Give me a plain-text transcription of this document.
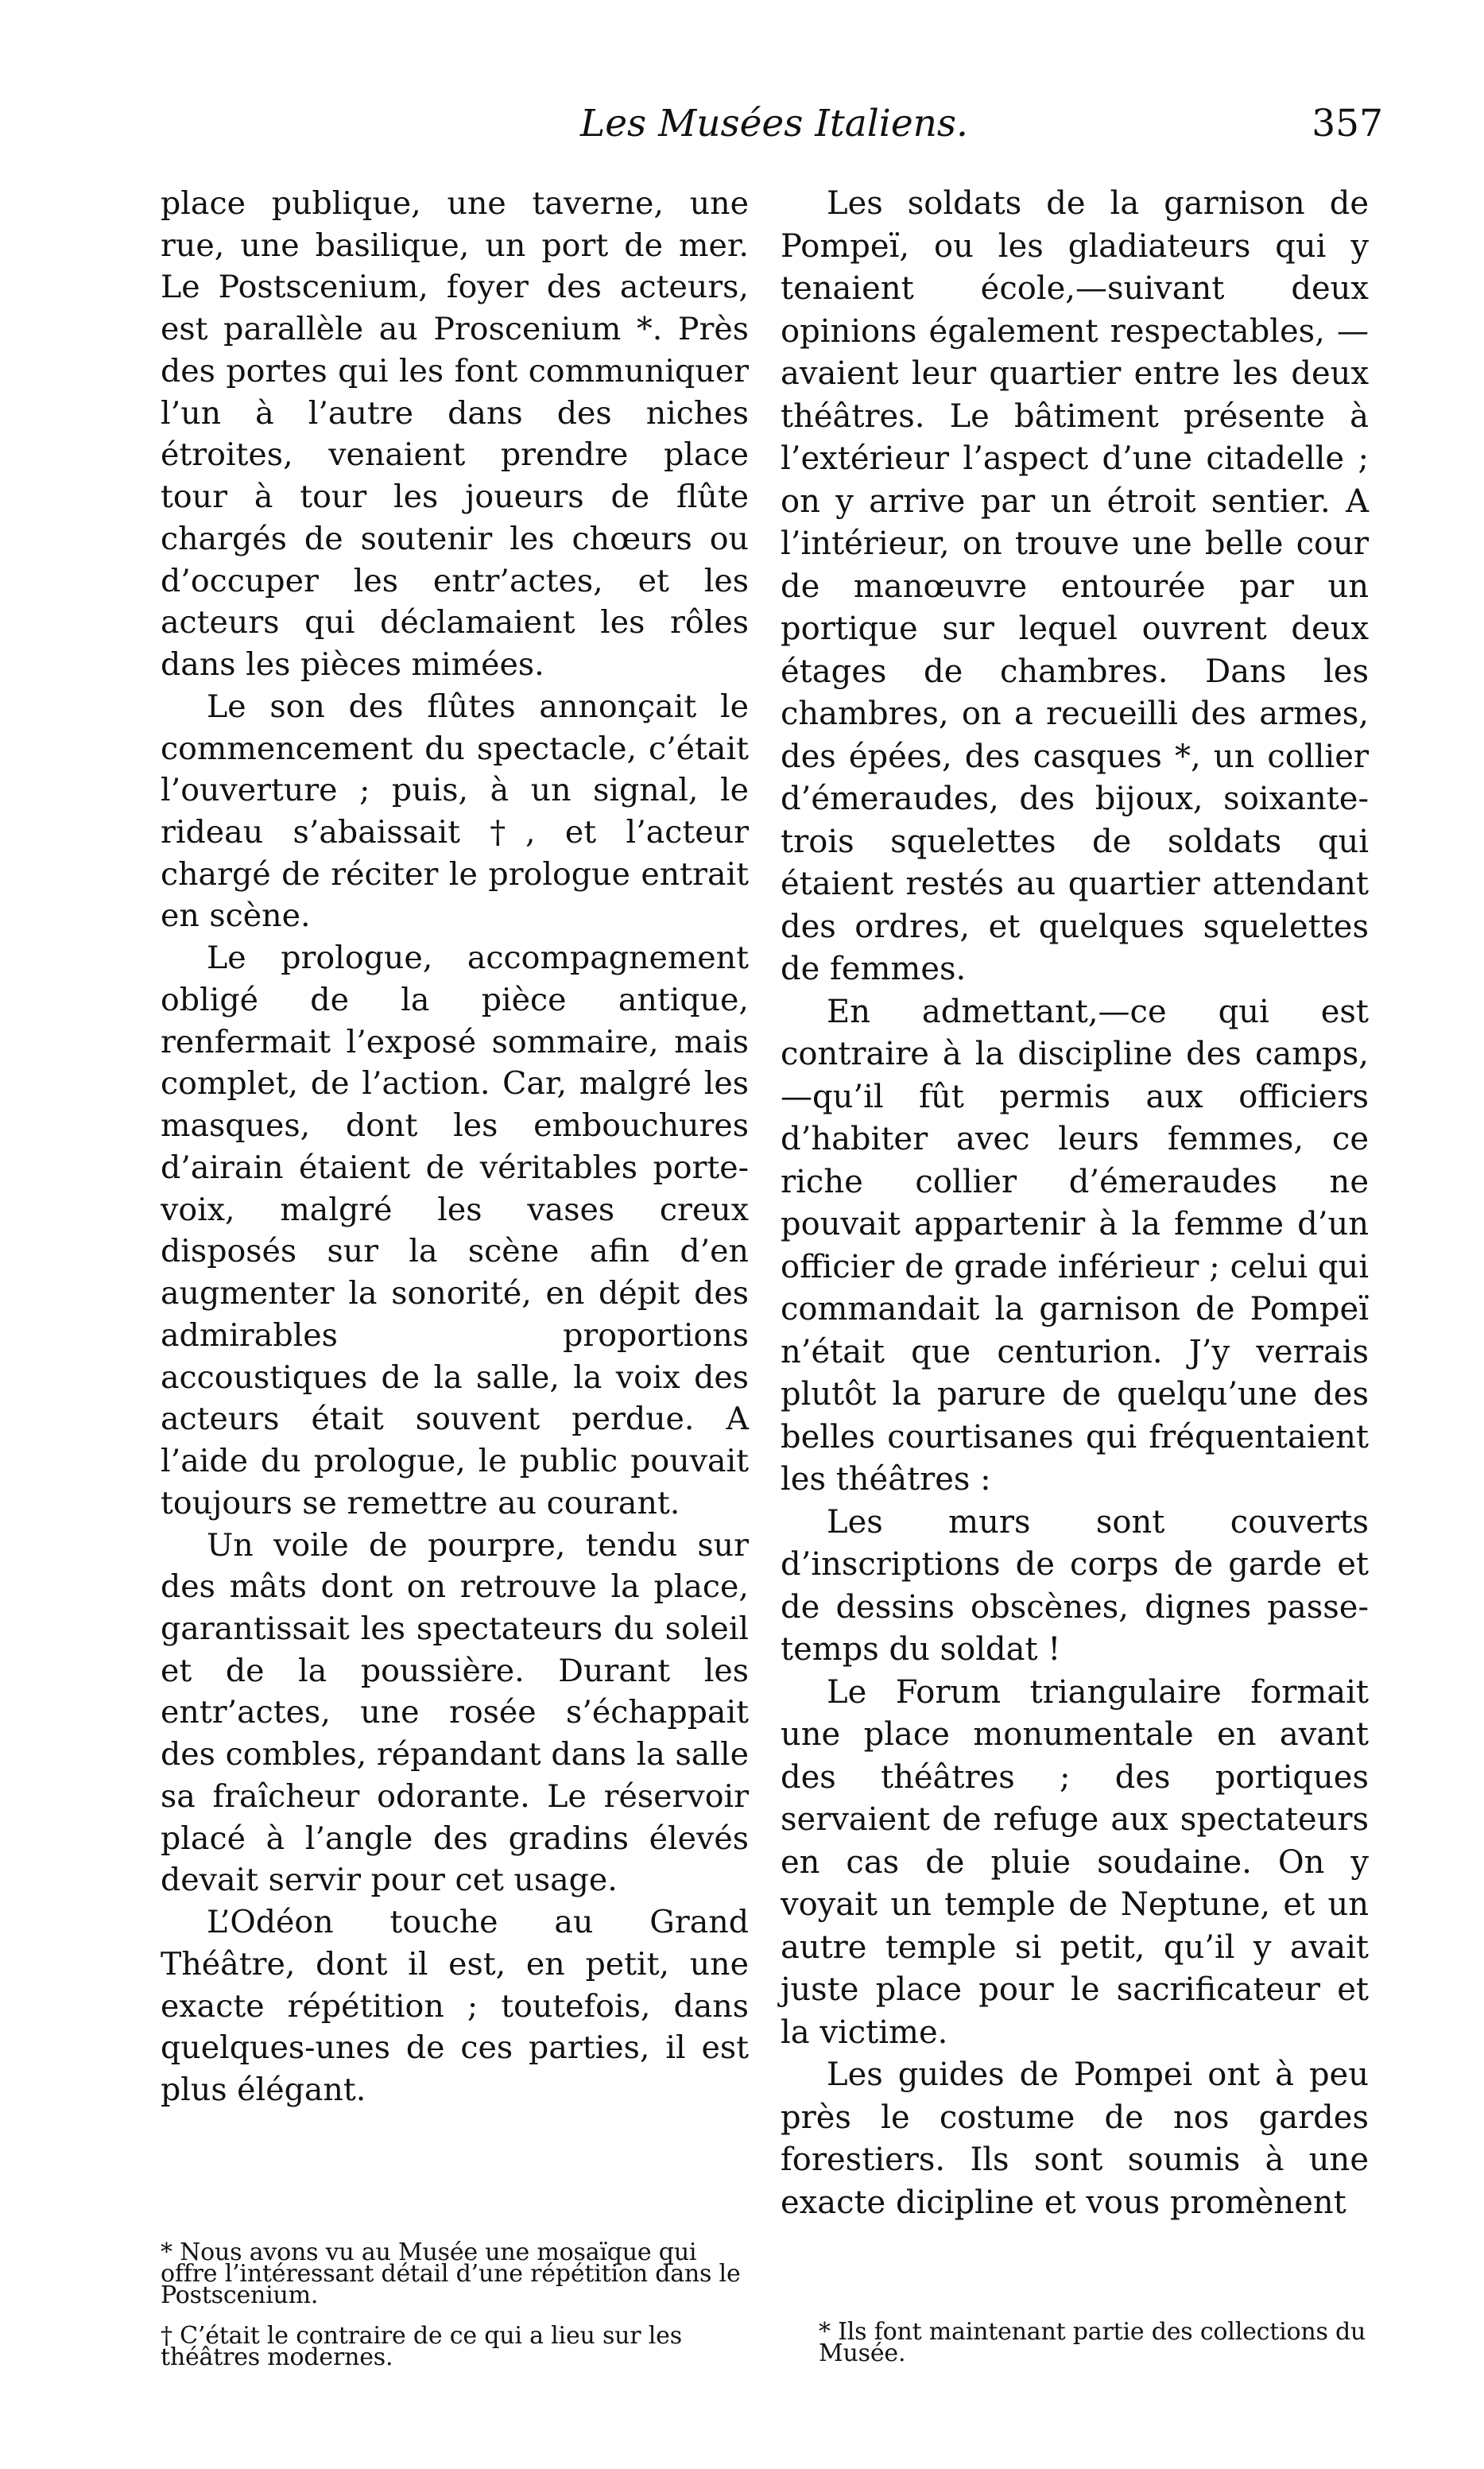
Les Musées Italiens.	357

place publique, une taverne, une rue, une basilique, un port de mer. Le Postscenium, foyer des acteurs, est parallèle au Proscenium *. Près des portes qui les font communiquer l’un à l’autre dans des niches étroites, venaient prendre place tour à tour les joueurs de flûte chargés de soutenir les chœurs ou d’occuper les entr’actes, et les acteurs qui déclamaient les rôles dans les pièces mimées.

Le son des flûtes annonçait le commencement du spectacle, c’était l’ouverture ; puis, à un signal, le rideau s’abaissait †, et l’acteur chargé de réciter le prologue entrait en scène.

Le prologue, accompagnement obligé de la pièce antique, renfermait l’exposé sommaire, mais complet, de l’action. Car, malgré les masques, dont les embouchures d’airain étaient de véritables porte-voix, malgré les vases creux disposés sur la scène afin d’en augmenter la sonorité, en dépit des admirables proportions accoustiques de la salle, la voix des acteurs était souvent perdue. A l’aide du prologue, le public pouvait toujours se remettre au courant.

Un voile de pourpre, tendu sur des mâts dont on retrouve la place, garantissait les spectateurs du soleil et de la poussière. Durant les entr’actes, une rosée s’échappait des combles, répandant dans la salle sa fraîcheur odorante. Le réservoir placé à l’angle des gradins élevés devait servir pour cet usage.

L’Odéon touche au Grand Théâtre, dont il est, en petit, une exacte répétition ; toutefois, dans quelques-unes de ces parties, il est plus élégant.

* Nous avons vu au Musée une mosaïque qui offre l’intéressant détail d’une répétition dans le Postscenium.

† C’était le contraire de ce qui a lieu sur les théâtres modernes.

Les soldats de la garnison de Pompeï, ou les gladiateurs qui y tenaient école,—suivant deux opinions également respectables, — avaient leur quartier entre les deux théâtres. Le bâtiment présente à l’extérieur l’aspect d’une citadelle ; on y arrive par un étroit sentier. A l’intérieur, on trouve une belle cour de manœuvre entourée par un portique sur lequel ouvrent deux étages de chambres. Dans les chambres, on a recueilli des armes, des épées, des casques *, un collier d’émeraudes, des bijoux, soixante-trois squelettes de soldats qui étaient restés au quartier attendant des ordres, et quelques squelettes de femmes.

En admettant,—ce qui est contraire à la discipline des camps,—qu’il fût permis aux officiers d’habiter avec leurs femmes, ce riche collier d’émeraudes ne pouvait appartenir à la femme d’un officier de grade inférieur ; celui qui commandait la garnison de Pompeï n’était que centurion. J’y verrais plutôt la parure de quelqu’une des belles courtisanes qui fréquentaient les théâtres :

Les murs sont couverts d’inscriptions de corps de garde et de dessins obscènes, dignes passe-temps du soldat !

Le Forum triangulaire formait une place monumentale en avant des théâtres ; des portiques servaient de refuge aux spectateurs en cas de pluie soudaine. On y voyait un temple de Neptune, et un autre temple si petit, qu’il y avait juste place pour le sacrificateur et la victime.

Les guides de Pompei ont à peu près le costume de nos gardes forestiers. Ils sont soumis à une exacte dicipline et vous promènent

* Ils font maintenant partie des collections du Musée.
